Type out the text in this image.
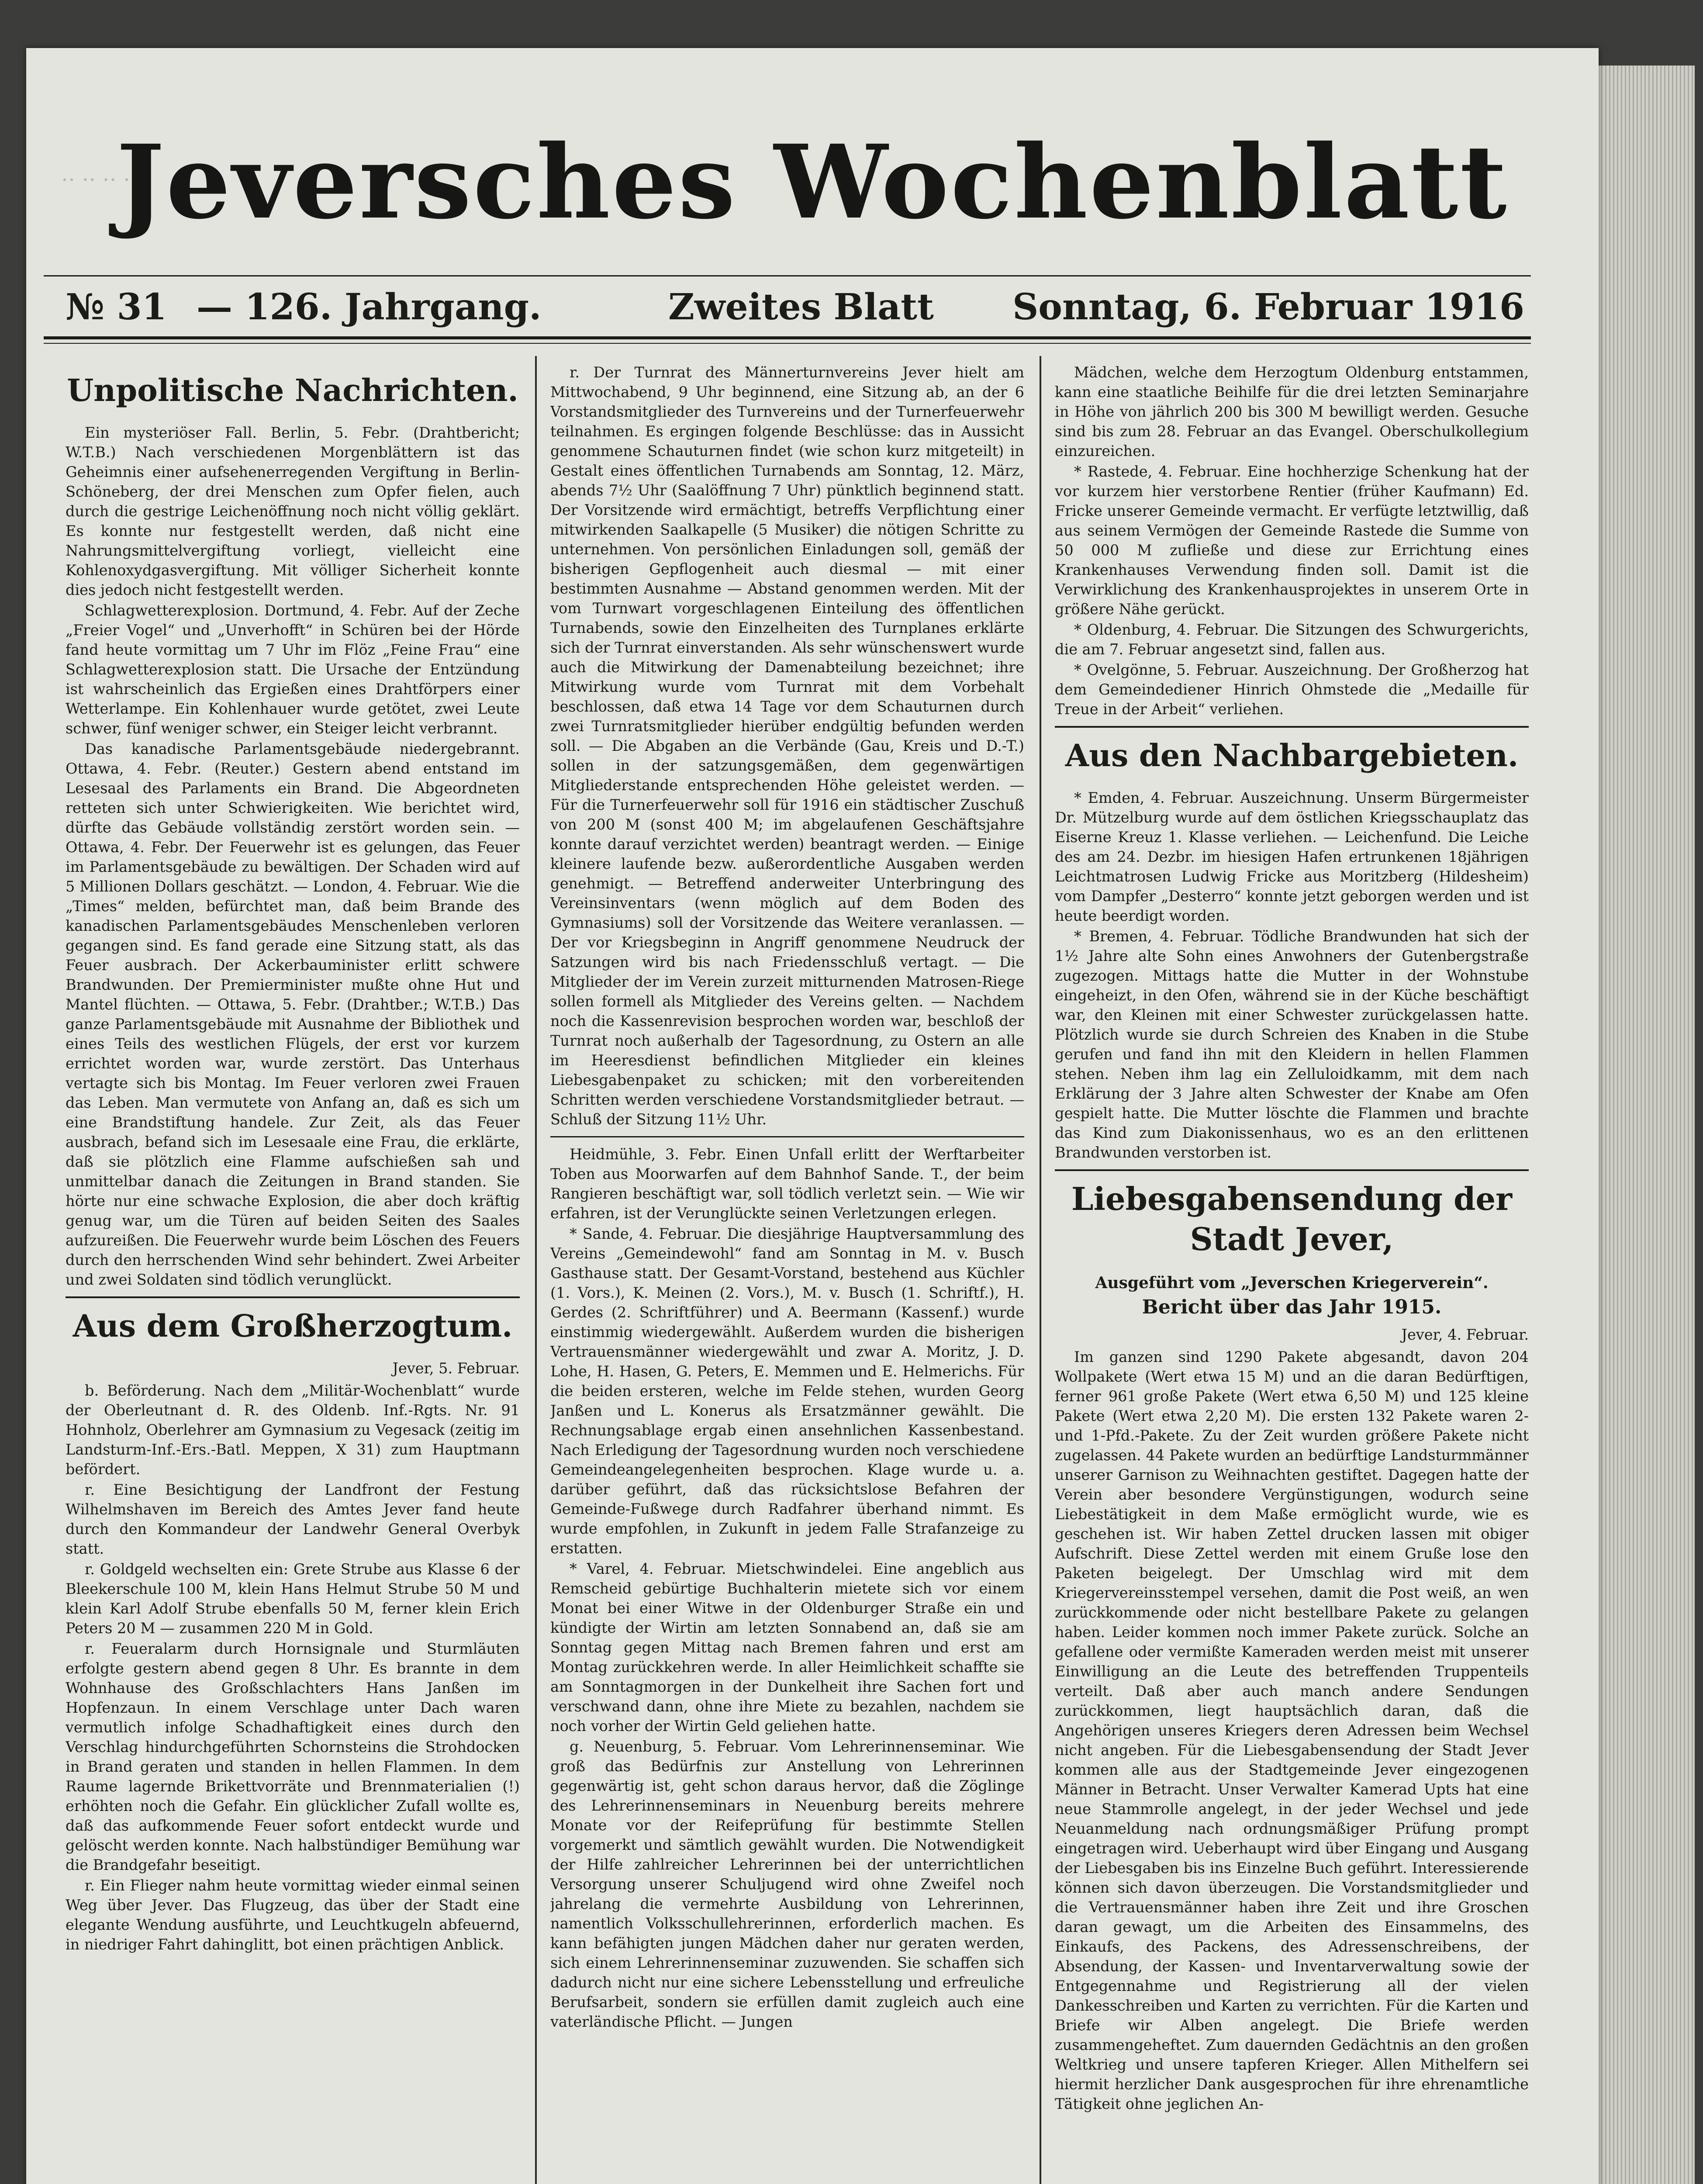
‥ ‥ ‥ ‥
Jeversches Wochenblatt
№ 31 — 126. Jahrgang.	Zweites Blatt Sonntag, 6. Februar 1916
Unpolitische Nachrichten.

Ein mysteriöser Fall. Berlin, 5. Febr. (Drahtbericht; W.T.B.) Nach verschiedenen Morgenblättern ist das Geheimnis einer aufsehenerregenden Vergiftung in Berlin-Schöneberg, der drei Menschen zum Opfer fielen, auch durch die gestrige Leichenöffnung noch nicht völlig geklärt. Es konnte nur festgestellt werden, daß nicht eine Nahrungsmittelvergiftung vorliegt, vielleicht eine Kohlenoxydgasvergiftung. Mit völliger Sicherheit konnte dies jedoch nicht festgestellt werden.

Schlagwetterexplosion. Dortmund, 4. Febr. Auf der Zeche „Freier Vogel“ und „Unverhofft“ in Schüren bei der Hörde fand heute vormittag um 7 Uhr im Flöz „Feine Frau“ eine Schlagwetterexplosion statt. Die Ursache der Entzündung ist wahrscheinlich das Ergießen eines Drahtförpers einer Wetterlampe. Ein Kohlenhauer wurde getötet, zwei Leute schwer, fünf weniger schwer, ein Steiger leicht verbrannt.

Das kanadische Parlamentsgebäude niedergebrannt. Ottawa, 4. Febr. (Reuter.) Gestern abend entstand im Lesesaal des Parlaments ein Brand. Die Abgeordneten retteten sich unter Schwierigkeiten. Wie berichtet wird, dürfte das Gebäude vollständig zerstört worden sein. — Ottawa, 4. Febr. Der Feuerwehr ist es gelungen, das Feuer im Parlamentsgebäude zu bewältigen. Der Schaden wird auf 5 Millionen Dollars geschätzt. — London, 4. Februar. Wie die „Times“ melden, befürchtet man, daß beim Brande des kanadischen Parlamentsgebäudes Menschenleben verloren gegangen sind. Es fand gerade eine Sitzung statt, als das Feuer ausbrach. Der Ackerbauminister erlitt schwere Brandwunden. Der Premierminister mußte ohne Hut und Mantel flüchten. — Ottawa, 5. Febr. (Drahtber.; W.T.B.) Das ganze Parlamentsgebäude mit Ausnahme der Bibliothek und eines Teils des westlichen Flügels, der erst vor kurzem errichtet worden war, wurde zerstört. Das Unterhaus vertagte sich bis Montag. Im Feuer verloren zwei Frauen das Leben. Man vermutete von Anfang an, daß es sich um eine Brandstiftung handele. Zur Zeit, als das Feuer ausbrach, befand sich im Lesesaale eine Frau, die erklärte, daß sie plötzlich eine Flamme aufschießen sah und unmittelbar danach die Zeitungen in Brand standen. Sie hörte nur eine schwache Explosion, die aber doch kräftig genug war, um die Türen auf beiden Seiten des Saales aufzureißen. Die Feuerwehr wurde beim Löschen des Feuers durch den herrschenden Wind sehr behindert. Zwei Arbeiter und zwei Soldaten sind tödlich verunglückt.

Aus dem Großherzogtum.

Jever, 5. Februar.

b. Beförderung. Nach dem „Militär-Wochenblatt“ wurde der Oberleutnant d. R. des Oldenb. Inf.-Rgts. Nr. 91 Hohnholz, Oberlehrer am Gymnasium zu Vegesack (zeitig im Landsturm-Inf.-Ers.-Batl. Meppen, X 31) zum Hauptmann befördert.

r. Eine Besichtigung der Landfront der Festung Wilhelmshaven im Bereich des Amtes Jever fand heute durch den Kommandeur der Landwehr General Overbyk statt.

r. Goldgeld wechselten ein: Grete Strube aus Klasse 6 der Bleekerschule 100 M, klein Hans Helmut Strube 50 M und klein Karl Adolf Strube ebenfalls 50 M, ferner klein Erich Peters 20 M — zusammen 220 M in Gold.

r. Feueralarm durch Hornsignale und Sturmläuten erfolgte gestern abend gegen 8 Uhr. Es brannte in dem Wohnhause des Großschlachters Hans Janßen im Hopfenzaun. In einem Verschlage unter Dach waren vermutlich infolge Schadhaftigkeit eines durch den Verschlag hindurchgeführten Schornsteins die Strohdocken in Brand geraten und standen in hellen Flammen. In dem Raume lagernde Brikettvorräte und Brennmaterialien (!) erhöhten noch die Gefahr. Ein glücklicher Zufall wollte es, daß das aufkommende Feuer sofort entdeckt wurde und gelöscht werden konnte. Nach halbstündiger Bemühung war die Brandgefahr beseitigt.

r. Ein Flieger nahm heute vormittag wieder einmal seinen Weg über Jever. Das Flugzeug, das über der Stadt eine elegante Wendung ausführte, und Leuchtkugeln abfeuernd, in niedriger Fahrt dahinglitt, bot einen prächtigen Anblick.

r. Der Turnrat des Männerturnvereins Jever hielt am Mittwochabend, 9 Uhr beginnend, eine Sitzung ab, an der 6 Vorstandsmitglieder des Turnvereins und der Turnerfeuerwehr teilnahmen. Es ergingen folgende Beschlüsse: das in Aussicht genommene Schauturnen findet (wie schon kurz mitgeteilt) in Gestalt eines öffentlichen Turnabends am Sonntag, 12. März, abends 7½ Uhr (Saalöffnung 7 Uhr) pünktlich beginnend statt. Der Vorsitzende wird ermächtigt, betreffs Verpflichtung einer mitwirkenden Saalkapelle (5 Musiker) die nötigen Schritte zu unternehmen. Von persönlichen Einladungen soll, gemäß der bisherigen Gepflogenheit auch diesmal — mit einer bestimmten Ausnahme — Abstand genommen werden. Mit der vom Turnwart vorgeschlagenen Einteilung des öffentlichen Turnabends, sowie den Einzelheiten des Turnplanes erklärte sich der Turnrat einverstanden. Als sehr wünschenswert wurde auch die Mitwirkung der Damenabteilung bezeichnet; ihre Mitwirkung wurde vom Turnrat mit dem Vorbehalt beschlossen, daß etwa 14 Tage vor dem Schauturnen durch zwei Turnratsmitglieder hierüber endgültig befunden werden soll. — Die Abgaben an die Verbände (Gau, Kreis und D.-T.) sollen in der satzungsgemäßen, dem gegenwärtigen Mitgliederstande entsprechenden Höhe geleistet werden. — Für die Turnerfeuerwehr soll für 1916 ein städtischer Zuschuß von 200 M (sonst 400 M; im abgelaufenen Geschäftsjahre konnte darauf verzichtet werden) beantragt werden. — Einige kleinere laufende bezw. außerordentliche Ausgaben werden genehmigt. — Betreffend anderweiter Unterbringung des Vereinsinventars (wenn möglich auf dem Boden des Gymnasiums) soll der Vorsitzende das Weitere veranlassen. — Der vor Kriegsbeginn in Angriff genommene Neudruck der Satzungen wird bis nach Friedensschluß vertagt. — Die Mitglieder der im Verein zurzeit mitturnenden Matrosen-Riege sollen formell als Mitglieder des Vereins gelten. — Nachdem noch die Kassenrevision besprochen worden war, beschloß der Turnrat noch außerhalb der Tagesordnung, zu Ostern an alle im Heeresdienst befindlichen Mitglieder ein kleines Liebesgabenpaket zu schicken; mit den vorbereitenden Schritten werden verschiedene Vorstandsmitglieder betraut. — Schluß der Sitzung 11½ Uhr.

Heidmühle, 3. Febr. Einen Unfall erlitt der Werftarbeiter Toben aus Moorwarfen auf dem Bahnhof Sande. T., der beim Rangieren beschäftigt war, soll tödlich verletzt sein. — Wie wir erfahren, ist der Verunglückte seinen Verletzungen erlegen.

* Sande, 4. Februar. Die diesjährige Hauptversammlung des Vereins „Gemeindewohl“ fand am Sonntag in M. v. Busch Gasthause statt. Der Gesamt-Vorstand, bestehend aus Küchler (1. Vors.), K. Meinen (2. Vors.), M. v. Busch (1. Schriftf.), H. Gerdes (2. Schriftführer) und A. Beermann (Kassenf.) wurde einstimmig wiedergewählt. Außerdem wurden die bisherigen Vertrauensmänner wiedergewählt und zwar A. Moritz, J. D. Lohe, H. Hasen, G. Peters, E. Memmen und E. Helmerichs. Für die beiden ersteren, welche im Felde stehen, wurden Georg Janßen und L. Konerus als Ersatzmänner gewählt. Die Rechnungsablage ergab einen ansehnlichen Kassenbestand. Nach Erledigung der Tagesordnung wurden noch verschiedene Gemeindeangelegenheiten besprochen. Klage wurde u. a. darüber geführt, daß das rücksichtslose Befahren der Gemeinde-Fußwege durch Radfahrer überhand nimmt. Es wurde empfohlen, in Zukunft in jedem Falle Strafanzeige zu erstatten.

* Varel, 4. Februar. Mietschwindelei. Eine angeblich aus Remscheid gebürtige Buchhalterin mietete sich vor einem Monat bei einer Witwe in der Oldenburger Straße ein und kündigte der Wirtin am letzten Sonnabend an, daß sie am Sonntag gegen Mittag nach Bremen fahren und erst am Montag zurückkehren werde. In aller Heimlichkeit schaffte sie am Sonntagmorgen in der Dunkelheit ihre Sachen fort und verschwand dann, ohne ihre Miete zu bezahlen, nachdem sie noch vorher der Wirtin Geld geliehen hatte.

g. Neuenburg, 5. Februar. Vom Lehrerinnenseminar. Wie groß das Bedürfnis zur Anstellung von Lehrerinnen gegenwärtig ist, geht schon daraus hervor, daß die Zöglinge des Lehrerinnenseminars in Neuenburg bereits mehrere Monate vor der Reifeprüfung für bestimmte Stellen vorgemerkt und sämtlich gewählt wurden. Die Notwendigkeit der Hilfe zahlreicher Lehrerinnen bei der unterrichtlichen Versorgung unserer Schuljugend wird ohne Zweifel noch jahrelang die vermehrte Ausbildung von Lehrerinnen, namentlich Volksschullehrerinnen, erforderlich machen. Es kann befähigten jungen Mädchen daher nur geraten werden, sich einem Lehrerinnenseminar zuzuwenden. Sie schaffen sich dadurch nicht nur eine sichere Lebensstellung und erfreuliche Berufsarbeit, sondern sie erfüllen damit zugleich auch eine vaterländische Pflicht. — Jungen

Mädchen, welche dem Herzogtum Oldenburg entstammen, kann eine staatliche Beihilfe für die drei letzten Seminarjahre in Höhe von jährlich 200 bis 300 M bewilligt werden. Gesuche sind bis zum 28. Februar an das Evangel. Oberschulkollegium einzureichen.

* Rastede, 4. Februar. Eine hochherzige Schenkung hat der vor kurzem hier verstorbene Rentier (früher Kaufmann) Ed. Fricke unserer Gemeinde vermacht. Er verfügte letztwillig, daß aus seinem Vermögen der Gemeinde Rastede die Summe von 50 000 M zufließe und diese zur Errichtung eines Krankenhauses Verwendung finden soll. Damit ist die Verwirklichung des Krankenhausprojektes in unserem Orte in größere Nähe gerückt.

* Oldenburg, 4. Februar. Die Sitzungen des Schwurgerichts, die am 7. Februar angesetzt sind, fallen aus.

* Ovelgönne, 5. Februar. Auszeichnung. Der Großherzog hat dem Gemeindediener Hinrich Ohmstede die „Medaille für Treue in der Arbeit“ verliehen.

Aus den Nachbargebieten.

* Emden, 4. Februar. Auszeichnung. Unserm Bürgermeister Dr. Mützelburg wurde auf dem östlichen Kriegsschauplatz das Eiserne Kreuz 1. Klasse verliehen. — Leichenfund. Die Leiche des am 24. Dezbr. im hiesigen Hafen ertrunkenen 18jährigen Leichtmatrosen Ludwig Fricke aus Moritzberg (Hildesheim) vom Dampfer „Desterro“ konnte jetzt geborgen werden und ist heute beerdigt worden.

* Bremen, 4. Februar. Tödliche Brandwunden hat sich der 1½ Jahre alte Sohn eines Anwohners der Gutenbergstraße zugezogen. Mittags hatte die Mutter in der Wohnstube eingeheizt, in den Ofen, während sie in der Küche beschäftigt war, den Kleinen mit einer Schwester zurückgelassen hatte. Plötzlich wurde sie durch Schreien des Knaben in die Stube gerufen und fand ihn mit den Kleidern in hellen Flammen stehen. Neben ihm lag ein Zelluloidkamm, mit dem nach Erklärung der 3 Jahre alten Schwester der Knabe am Ofen gespielt hatte. Die Mutter löschte die Flammen und brachte das Kind zum Diakonissenhaus, wo es an den erlittenen Brandwunden verstorben ist.

Liebesgabensendung der Stadt Jever,
Ausgeführt vom „Jeverschen Kriegerverein“.
Bericht über das Jahr 1915.

Jever, 4. Februar.

Im ganzen sind 1290 Pakete abgesandt, davon 204 Wollpakete (Wert etwa 15 M) und an die daran Bedürftigen, ferner 961 große Pakete (Wert etwa 6,50 M) und 125 kleine Pakete (Wert etwa 2,20 M). Die ersten 132 Pakete waren 2- und 1-Pfd.-Pakete. Zu der Zeit wurden größere Pakete nicht zugelassen. 44 Pakete wurden an bedürftige Landsturmmänner unserer Garnison zu Weihnachten gestiftet. Dagegen hatte der Verein aber besondere Vergünstigungen, wodurch seine Liebestätigkeit in dem Maße ermöglicht wurde, wie es geschehen ist. Wir haben Zettel drucken lassen mit obiger Aufschrift. Diese Zettel werden mit einem Gruße lose den Paketen beigelegt. Der Umschlag wird mit dem Kriegervereinsstempel versehen, damit die Post weiß, an wen zurückkommende oder nicht bestellbare Pakete zu gelangen haben. Leider kommen noch immer Pakete zurück. Solche an gefallene oder vermißte Kameraden werden meist mit unserer Einwilligung an die Leute des betreffenden Truppenteils verteilt. Daß aber auch manch andere Sendungen zurückkommen, liegt hauptsächlich daran, daß die Angehörigen unseres Kriegers deren Adressen beim Wechsel nicht angeben. Für die Liebesgabensendung der Stadt Jever kommen alle aus der Stadtgemeinde Jever eingezogenen Männer in Betracht. Unser Verwalter Kamerad Upts hat eine neue Stammrolle angelegt, in der jeder Wechsel und jede Neuanmeldung nach ordnungsmäßiger Prüfung prompt eingetragen wird. Ueberhaupt wird über Eingang und Ausgang der Liebesgaben bis ins Einzelne Buch geführt. Interessierende können sich davon überzeugen. Die Vorstandsmitglieder und die Vertrauensmänner haben ihre Zeit und ihre Groschen daran gewagt, um die Arbeiten des Einsammelns, des Einkaufs, des Packens, des Adressenschreibens, der Absendung, der Kassen- und Inventarverwaltung sowie der Entgegennahme und Registrierung all der vielen Dankesschreiben und Karten zu verrichten. Für die Karten und Briefe wir Alben angelegt. Die Briefe werden zusammengeheftet. Zum dauernden Gedächtnis an den großen Weltkrieg und unsere tapferen Krieger. Allen Mithelfern sei hiermit herzlicher Dank ausgesprochen für ihre ehrenamtliche Tätigkeit ohne jeglichen An-
